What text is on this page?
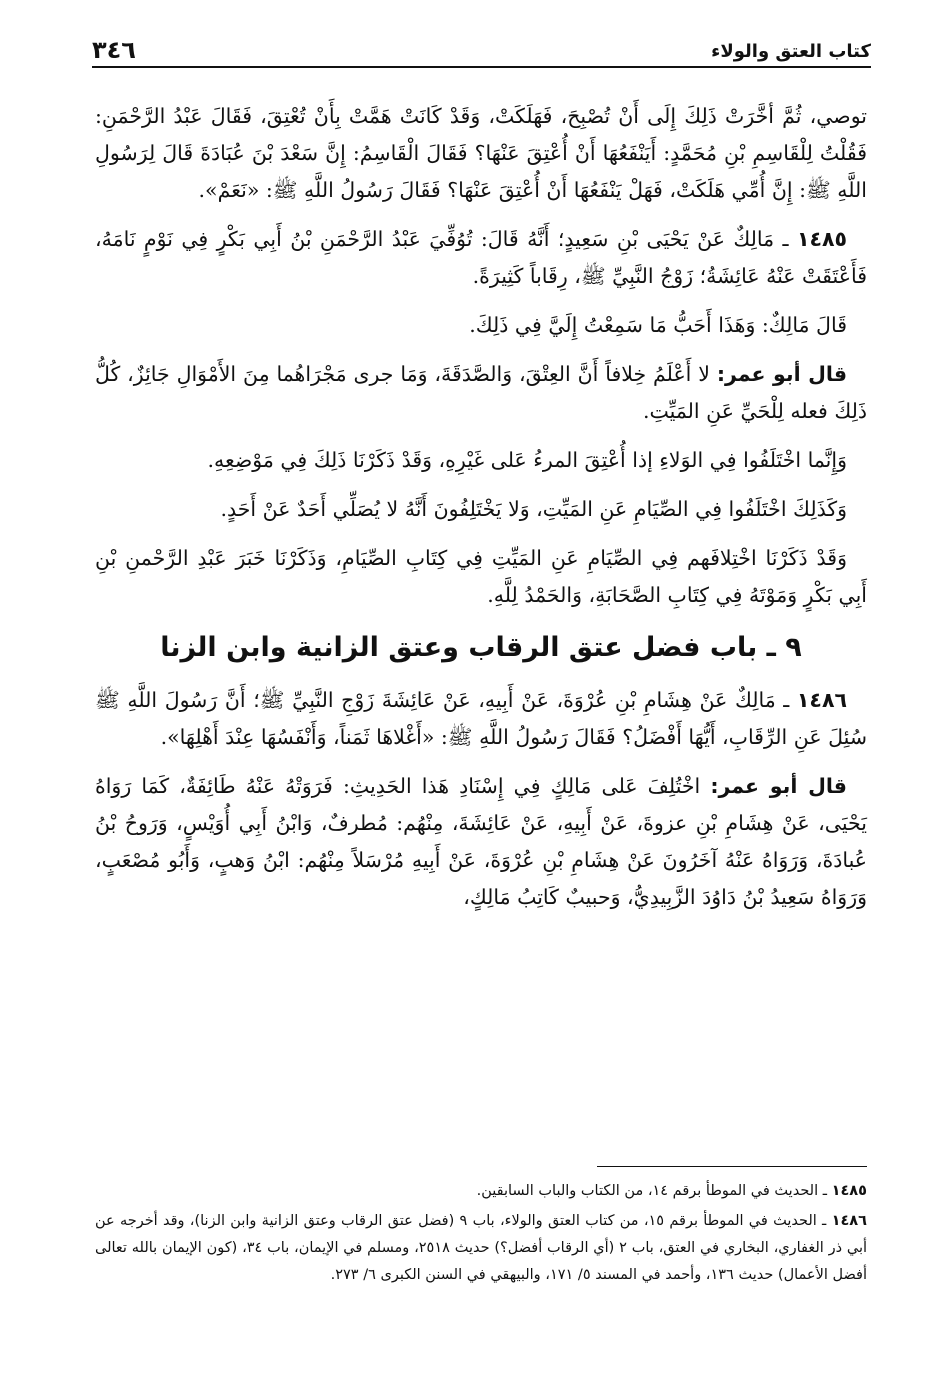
كتاب العتق والولاء
٣٤٦

توصي، ثُمَّ أخَّرَتْ ذَلِكَ إِلَى أَنْ تُصْبِحَ، فَهَلَكَتْ، وَقَدْ كَانَتْ هَمَّتْ بِأَنْ تُعْتِقَ، فَقَالَ عَبْدُ الرَّحْمَنِ: فَقُلْتُ لِلْقَاسِمِ بْنِ مُحَمَّدٍ: أَيَنْفَعُهَا أَنْ أُعْتِقَ عَنْهَا؟ فَقَالَ الْقَاسِمُ: إِنَّ سَعْدَ بْنَ عُبَادَةَ قَالَ لِرَسُولِ اللَّهِ ﷺ: إِنَّ أُمِّي هَلَكَتْ، فَهَلْ يَنْفَعُهَا أَنْ أُعْتِقَ عَنْهَا؟ فَقَالَ رَسُولُ اللَّهِ ﷺ: «نَعَمْ».

١٤٨٥ ـ مَالِكٌ عَنْ يَحْيَى بْنِ سَعِيدٍ؛ أَنَّهُ قَالَ: تُوُفِّيَ عَبْدُ الرَّحْمَنِ بْنُ أَبِي بَكْرٍ فِي نَوْمٍ نَامَهُ، فَأَعْتَقَتْ عَنْهُ عَائِشَةُ؛ زَوْجُ النَّبِيِّ ﷺ، رِقَاباً كَثِيرَةً.

قَالَ مَالِكٌ: وَهَذَا أَحَبُّ مَا سَمِعْتُ إِلَيَّ فِي ذَلِكَ.

قال أبو عمر: لا أَعْلَمُ خِلافاً أَنَّ العِتْقَ، وَالصَّدَقَةَ، وَمَا جرى مَجْرَاهُما مِنَ الأَمْوَالِ جَائِزٌ، كُلُّ ذَلِكَ فعله لِلْحَيِّ عَنِ المَيِّتِ.

وَإِنَّما اخْتَلَفُوا فِي الوَلاءِ إذا أُعْتِقَ المرءُ عَلى غَيْرِهِ، وَقَدْ ذَكَرْنَا ذَلِكَ فِي مَوْضِعِهِ.

وَكَذَلِكَ اخْتَلَفُوا فِي الصِّيَامِ عَنِ المَيِّتِ، وَلا يَخْتَلِفُونَ أَنَّهُ لا يُصَلِّي أَحَدٌ عَنْ أَحَدٍ.

وَقَدْ ذَكَرْنَا اخْتِلافَهم فِي الصِّيَامِ عَنِ المَيِّتِ فِي كِتَابِ الصِّيَامِ، وَذَكَرْنَا خَبَرَ عَبْدِ الرَّحْمنِ بْنِ أَبِي بَكْرٍ وَمَوْتَهُ فِي كِتَابِ الصَّحَابَةِ، وَالحَمْدُ لِلَّهِ.

٩ ـ باب فضل عتق الرقاب وعتق الزانية وابن الزنا

١٤٨٦ ـ مَالِكٌ عَنْ هِشَامِ بْنِ عُرْوَةَ، عَنْ أَبِيهِ، عَنْ عَائِشَةَ زَوْجِ النَّبِيِّ ﷺ؛ أَنَّ رَسُولَ اللَّهِ ﷺ سُئِلَ عَنِ الرِّقَابِ، أَيُّهَا أَفْضَلُ؟ فَقَالَ رَسُولُ اللَّهِ ﷺ: «أَغْلاهَا ثَمَناً، وَأَنْفَسُهَا عِنْدَ أَهْلِهَا».

قال أبو عمر: اخْتُلِفَ عَلى مَالِكٍ فِي إِسْنَادِ هَذا الحَدِيثِ: فَرَوَتْهُ عَنْهُ طَائِفَةٌ، كَمَا رَوَاهُ يَحْيَى، عَنْ هِشَامِ بْنِ عزوةَ، عَنْ أَبِيهِ، عَنْ عَائِشَةَ، مِنْهُم: مُطرفٌ، وَابْنُ أَبِي أُوَيْسٍ، وَرَوحُ بْنُ عُبادَةَ، وَرَوَاهُ عَنْهُ آخَرُونَ عَنْ هِشَامِ بْنِ عُرْوَةَ، عَنْ أَبِيهِ مُرْسَلاً مِنْهُم: ابْنُ وَهبٍ، وَأَبُو مُصْعَبٍ، وَرَوَاهُ سَعِيدُ بْنُ دَاوُدَ الزَّبِيدِيُّ، وَحبيبٌ كَاتِبُ مَالِكٍ،

١٤٨٥ ـ الحديث في الموطأ برقم ١٤، من الكتاب والباب السابقين.

١٤٨٦ ـ الحديث في الموطأ برقم ١٥، من كتاب العتق والولاء، باب ٩ (فضل عتق الرقاب وعتق الزانية وابن الزنا)، وقد أخرجه عن أبي ذر الغفاري، البخاري في العتق، باب ٢ (أي الرقاب أفضل؟) حديث ٢٥١٨، ومسلم في الإيمان، باب ٣٤، (كون الإيمان بالله تعالى أفضل الأعمال) حديث ١٣٦، وأحمد في المسند ٥/ ١٧١، والبيهقي في السنن الكبرى ٦/ ٢٧٣.
